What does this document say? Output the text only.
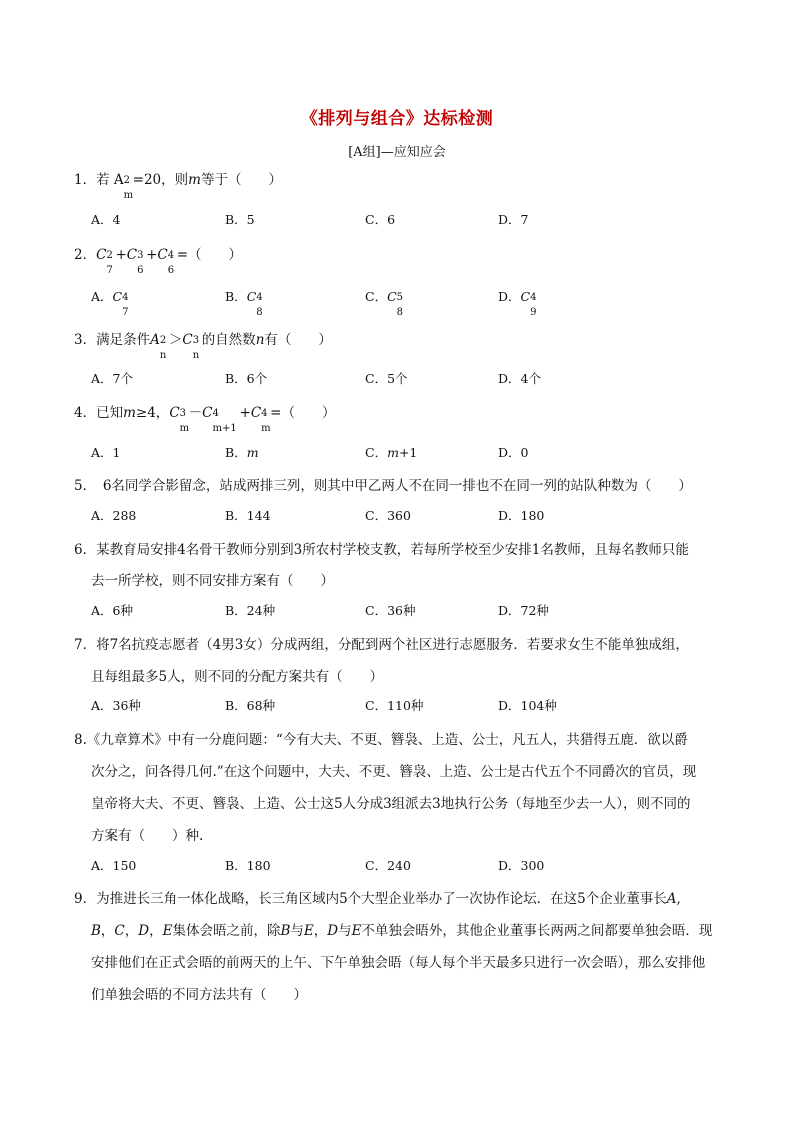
《排列与组合》达标检测
[A组]—应知应会
1．若 A 2
m
=20，则m等于（　　）
A．4	B．5	C．6	D．7
2．C 2
7
+C 3
6
+C 4
6
=（　　）
A．C 4
7
B．C 4
8
C．C 5
8
D．C 4
9
3．满足条件A 2
n
＞C 3
n
的自然数n有（　　）
A．7个	B．6个	C．5个	D．4个
4．已知m≥4，C 3
m
－C 4
m+1
+C 4
m
=（　　）
A．1	B．m	C．m+1	D．0
5．　6名同学合影留念，站成两排三列，则其中甲乙两人不在同一排也不在同一列的站队种数为（　　）
A．288	B．144	C．360	D．180
6．某教育局安排4名骨干教师分别到3所农村学校支教，若每所学校至少安排1名教师，且每名教师只能
去一所学校，则不同安排方案有（　　）
A．6种	B．24种	C．36种	D．72种
7．将7名抗疫志愿者（4男3女）分成两组，分配到两个社区进行志愿服务．若要求女生不能单独成组，
且每组最多5人，则不同的分配方案共有（　　）
A．36种	B．68种	C．110种	D．104种
8.《九章算术》中有一分鹿问题：“今有大夫、不更、簪袅、上造、公士，凡五人，共猎得五鹿．欲以爵
次分之，问各得几何.”在这个问题中，大夫、不更、簪袅、上造、公士是古代五个不同爵次的官员，现
皇帝将大夫、不更、簪袅、上造、公士这5人分成3组派去3地执行公务（每地至少去一人），则不同的
方案有（　　）种.
A．150	B．180	C．240	D．300
9．为推进长三角一体化战略，长三角区域内5个大型企业举办了一次协作论坛．在这5个企业董事长A,
B，C，D，E集体会晤之前，除B与E，D与E不单独会晤外，其他企业董事长两两之间都要单独会晤．现
安排他们在正式会晤的前两天的上午、下午单独会晤（每人每个半天最多只进行一次会晤），那么安排他
们单独会晤的不同方法共有（　　）
